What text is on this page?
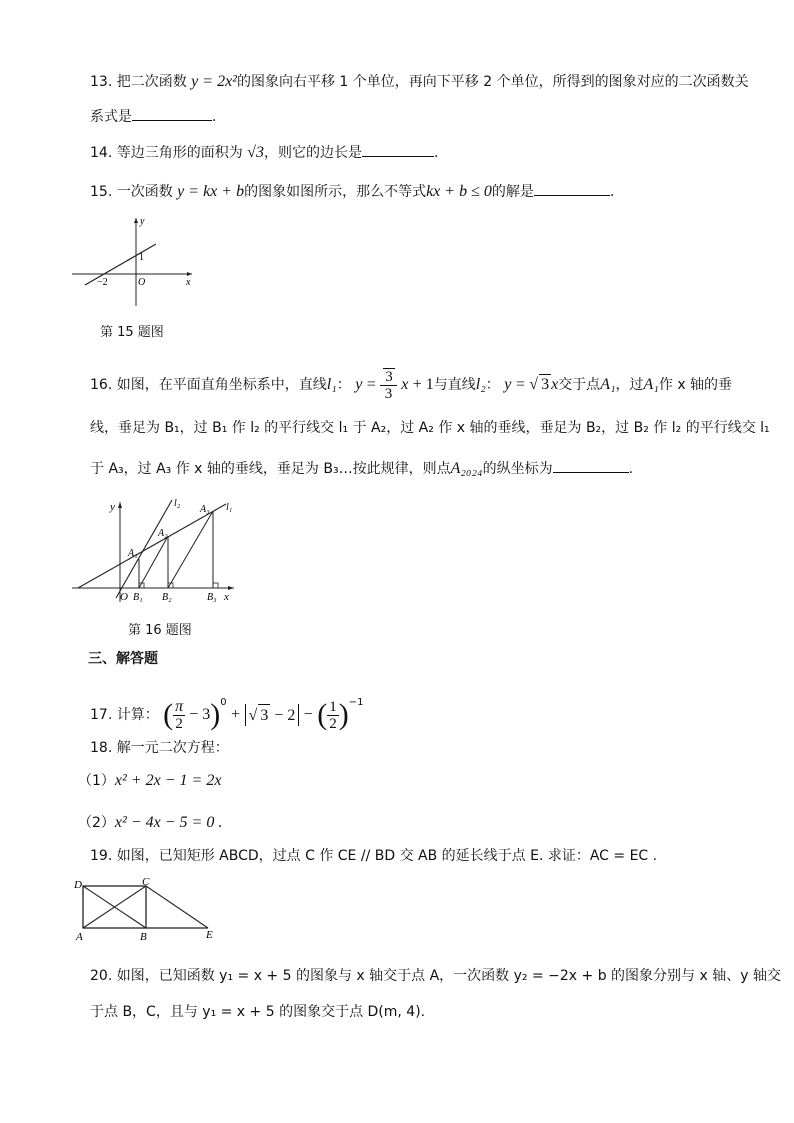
13. 把二次函数 y = 2x²的图象向右平移 1 个单位，再向下平移 2 个单位，所得到的图象对应的二次函数关
系式是	.
14. 等边三角形的面积为 √3，则它的边长是	.
15. 一次函数 y = kx + b的图象如图所示，那么不等式kx + b ≤ 0的解是	.
y
x
O
1
−2
第 15 题图
16. 如图，在平面直角坐标系中，直线l₁： $y = \frac{3}{3}$ x + 1与直线l₂： y = √ 3 x交于点A₁，过A₁作 x 轴的垂
线，垂足为 B₁，过 B₁ 作 l₂ 的平行线交 l₁ 于 A₂，过 A₂ 作 x 轴的垂线，垂足为 B₂，过 B₂ 作 l₂ 的平行线交 l₁
于 A₃，过 A₃ 作 x 轴的垂线，垂足为 B₃…按此规律，则点A₂₀₂₄的纵坐标为	.
y
x
O
l₂	l₁
A₁
A₂
A₃
B₁ B₂	B₃
第 16 题图
三、解答题
17. 计算： ( $\frac{\pi}{2} - 3)^0$ + √ 3 − 2 − ( $\frac{1}{2} )^{-1}$
18. 解一元二次方程：
（1）x² + 2x − 1 = 2x
（2）x² − 4x − 5 = 0 .
19. 如图，已知矩形 ABCD，过点 C 作 CE // BD 交 AB 的延长线于点 E. 求证：AC = EC .
D	C
A	B	E
20. 如图，已知函数 y₁ = x + 5 的图象与 x 轴交于点 A，一次函数 y₂ = −2x + b 的图象分别与 x 轴、y 轴交
于点 B，C，且与 y₁ = x + 5 的图象交于点 D(m, 4).
